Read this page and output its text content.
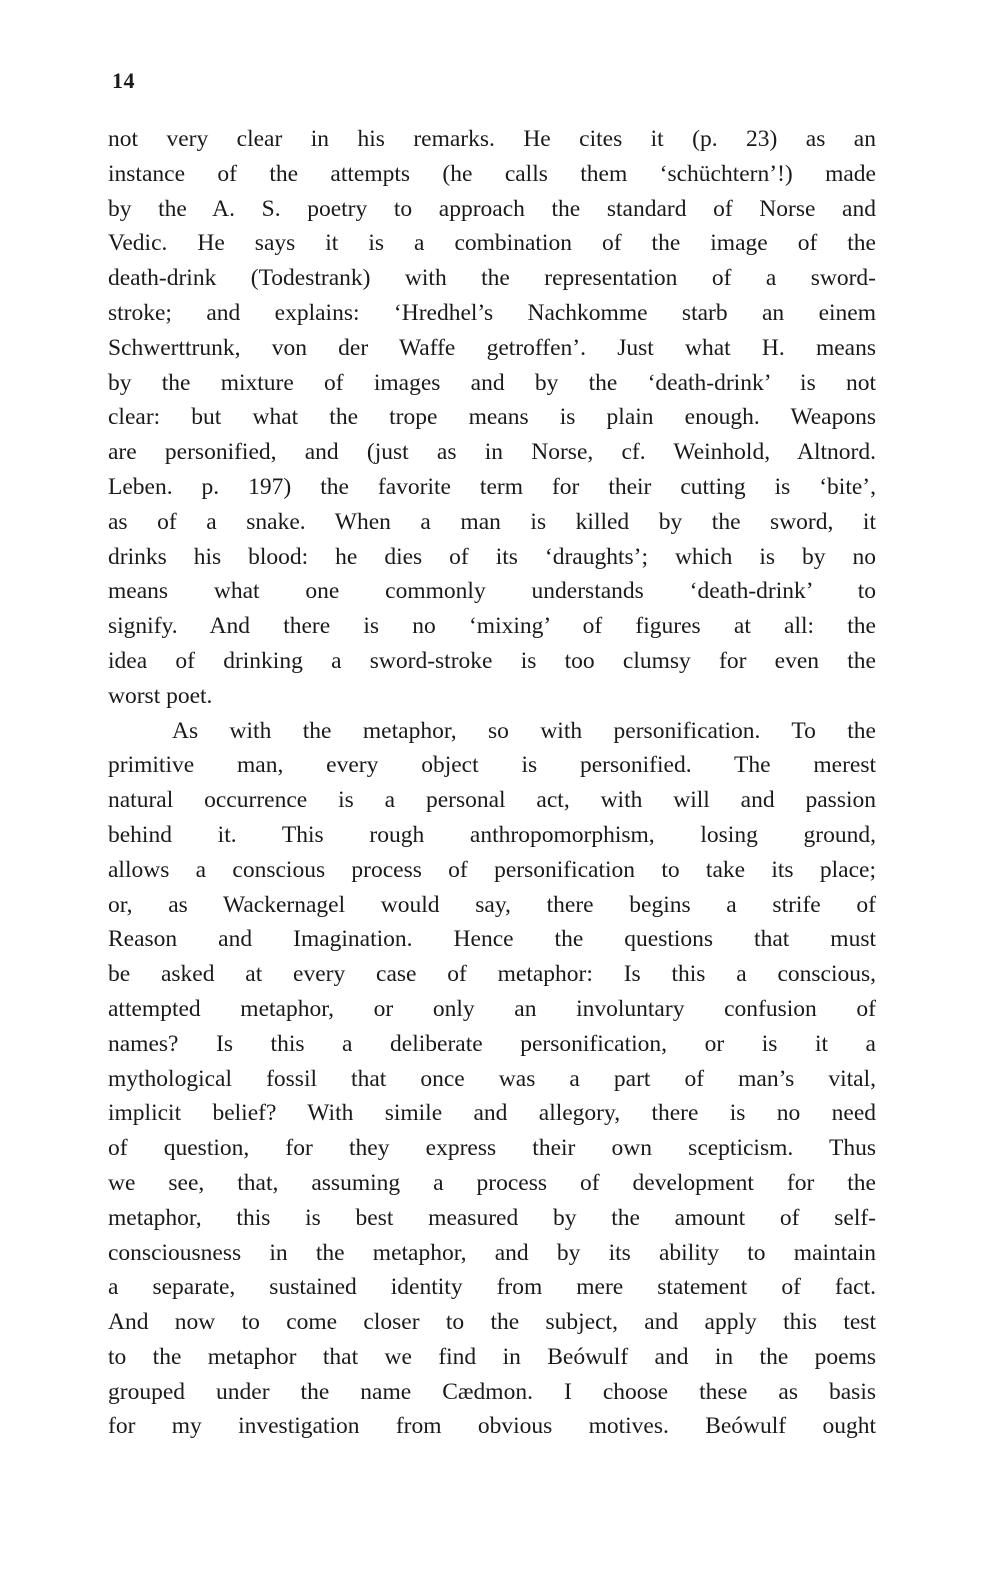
14
not very clear in his remarks. He cites it (p. 23) as an
instance of the attempts (he calls them ‘schüchtern’!) made
by the A. S. poetry to approach the standard of Norse and
Vedic. He says it is a combination of the image of the
death-drink (Todestrank) with the representation of a sword-
stroke; and explains: ‘Hredhel’s Nachkomme starb an einem
Schwerttrunk, von der Waffe getroffen’. Just what H. means
by the mixture of images and by the ‘death-drink’ is not
clear: but what the trope means is plain enough. Weapons
are personified, and (just as in Norse, cf. Weinhold, Altnord.
Leben. p. 197) the favorite term for their cutting is ‘bite’,
as of a snake. When a man is killed by the sword, it
drinks his blood: he dies of its ‘draughts’; which is by no
means what one commonly understands ‘death-drink’ to
signify. And there is no ‘mixing’ of figures at all: the
idea of drinking a sword-stroke is too clumsy for even the
worst poet.
As with the metaphor, so with personification. To the
primitive man, every object is personified. The merest
natural occurrence is a personal act, with will and passion
behind it. This rough anthropomorphism, losing ground,
allows a conscious process of personification to take its place;
or, as Wackernagel would say, there begins a strife of
Reason and Imagination. Hence the questions that must
be asked at every case of metaphor: Is this a conscious,
attempted metaphor, or only an involuntary confusion of
names? Is this a deliberate personification, or is it a
mythological fossil that once was a part of man’s vital,
implicit belief? With simile and allegory, there is no need
of question, for they express their own scepticism. Thus
we see, that, assuming a process of development for the
metaphor, this is best measured by the amount of self-
consciousness in the metaphor, and by its ability to maintain
a separate, sustained identity from mere statement of fact.
And now to come closer to the subject, and apply this test
to the metaphor that we find in Beówulf and in the poems
grouped under the name Cædmon. I choose these as basis
for my investigation from obvious motives. Beówulf ought
